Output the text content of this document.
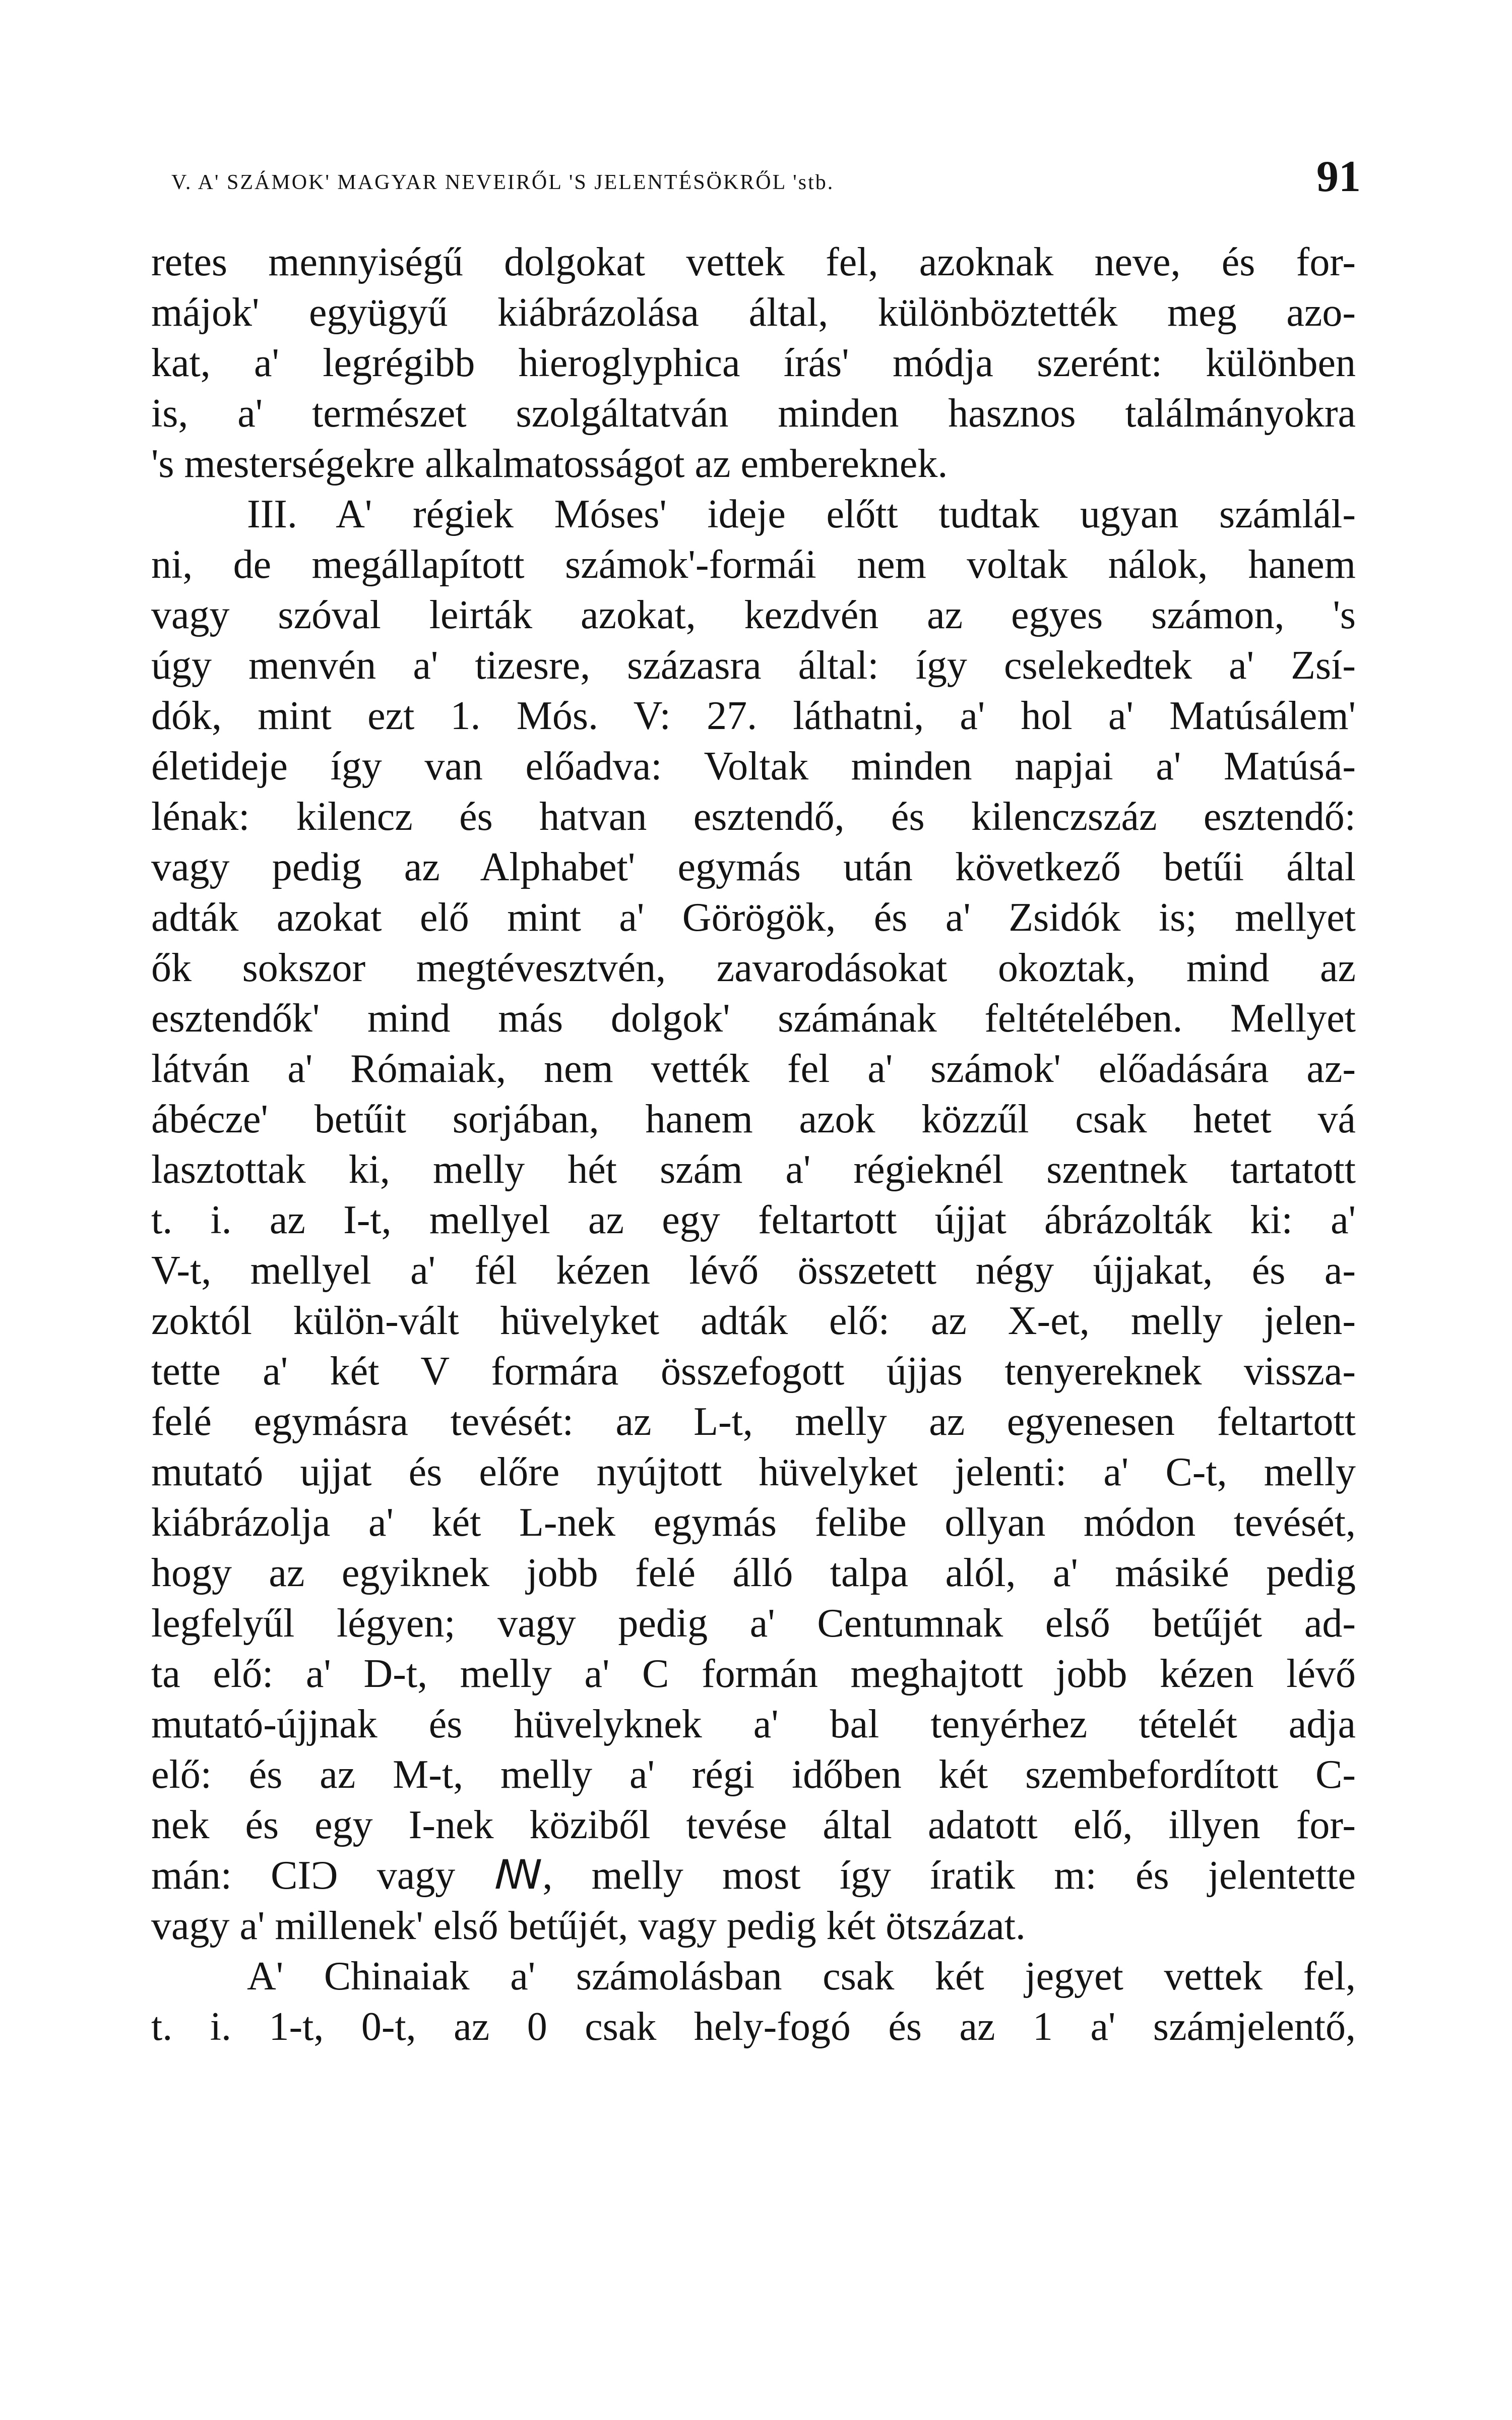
V. A' SZÁMOK' MAGYAR NEVEIRŐL 'S JELENTÉSÖKRŐL 'stb.	91
retes mennyiségű dolgokat vettek fel, azoknak neve, és for-
májok' együgyű kiábrázolása által, különböztették meg azo-
kat, a' legrégibb hieroglyphica írás' módja szerént: különben
is, a' természet szolgáltatván minden hasznos találmányokra
's mesterségekre alkalmatosságot az embereknek.
III. A' régiek Móses' ideje előtt tudtak ugyan számlál-
ni, de megállapított számok'-formái nem voltak nálok, hanem
vagy szóval leirták azokat, kezdvén az egyes számon, 's
úgy menvén a' tizesre, százasra által: így cselekedtek a' Zsí-
dók, mint ezt 1. Mós. V: 27. láthatni, a' hol a' Matúsálem'
életideje így van előadva: Voltak minden napjai a' Matúsá-
lénak: kilencz és hatvan esztendő, és kilenczszáz esztendő:
vagy pedig az Alphabet' egymás után következő betűi által
adták azokat elő mint a' Görögök, és a' Zsidók is; mellyet
ők sokszor megtévesztvén, zavarodásokat okoztak, mind az
esztendők' mind más dolgok' számának feltételében. Mellyet
látván a' Rómaiak, nem vették fel a' számok' előadására az-
ábécze' betűit sorjában, hanem azok közzűl csak hetet vá
lasztottak ki, melly hét szám a' régieknél szentnek tartatott
t. i. az I-t, mellyel az egy feltartott újjat ábrázolták ki: a'
V-t, mellyel a' fél kézen lévő összetett négy újjakat, és a-
zoktól külön-vált hüvelyket adták elő: az X-et, melly jelen-
tette a' két V formára összefogott újjas tenyereknek vissza-
felé egymásra tevését: az L-t, melly az egyenesen feltartott
mutató ujjat és előre nyújtott hüvelyket jelenti: a' C-t, melly
kiábrázolja a' két L-nek egymás felibe ollyan módon tevését,
hogy az egyiknek jobb felé álló talpa alól, a' másiké pedig
legfelyűl légyen; vagy pedig a' Centumnak első betűjét ad-
ta elő: a' D-t, melly a' C formán meghajtott jobb kézen lévő
mutató-újjnak és hüvelyknek a' bal tenyérhez tételét adja
elő: és az M-t, melly a' régi időben két szembefordított C-
nek és egy I-nek köziből tevése által adatott elő, illyen for-
mán: CIƆ vagy ꟿ, melly most így íratik m: és jelentette
vagy a' millenek' első betűjét, vagy pedig két ötszázat.
A' Chinaiak a' számolásban csak két jegyet vettek fel,
t. i. 1-t, 0-t, az 0 csak hely-fogó és az 1 a' számjelentő,
